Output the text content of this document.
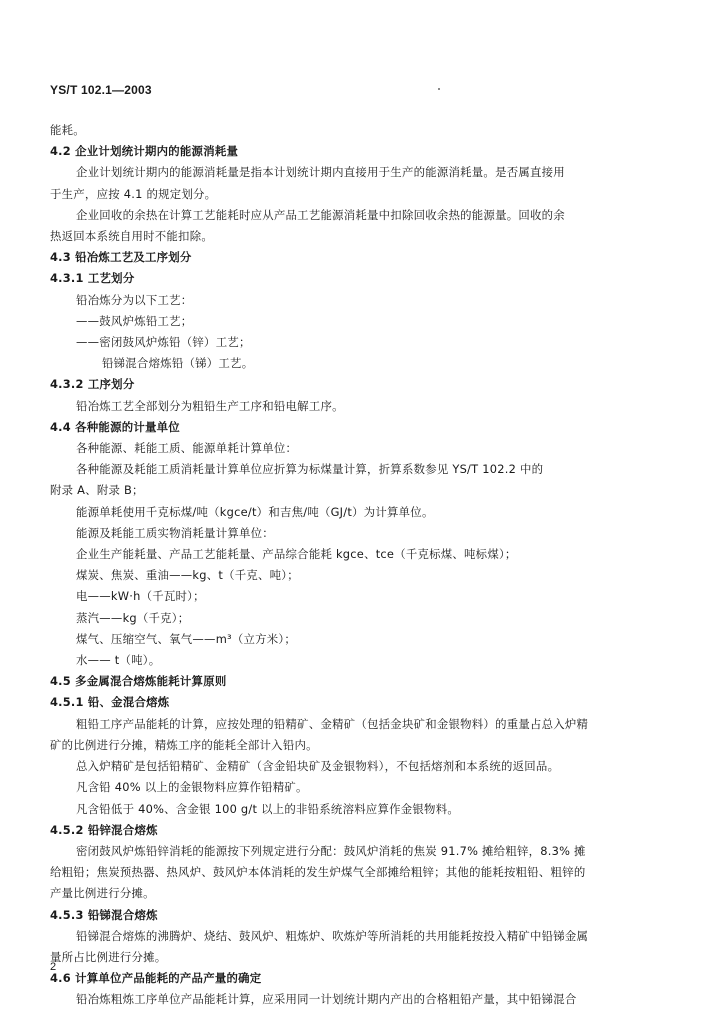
YS/T 102.1—2003
能耗。
4.2 企业计划统计期内的能源消耗量
企业计划统计期内的能源消耗量是指本计划统计期内直接用于生产的能源消耗量。是否属直接用
于生产，应按 4.1 的规定划分。
企业回收的余热在计算工艺能耗时应从产品工艺能源消耗量中扣除回收余热的能源量。回收的余
热返回本系统自用时不能扣除。
4.3 铅冶炼工艺及工序划分
4.3.1 工艺划分
铅冶炼分为以下工艺：
——鼓风炉炼铅工艺；
——密闭鼓风炉炼铅（锌）工艺；
铅锑混合熔炼铅（锑）工艺。
4.3.2 工序划分
铅冶炼工艺全部划分为粗铅生产工序和铅电解工序。
4.4 各种能源的计量单位
各种能源、耗能工质、能源单耗计算单位：
各种能源及耗能工质消耗量计算单位应折算为标煤量计算，折算系数参见 YS/T 102.2 中的
附录 A、附录 B；
能源单耗使用千克标煤/吨（kgce/t）和吉焦/吨（GJ/t）为计算单位。
能源及耗能工质实物消耗量计算单位：
企业生产能耗量、产品工艺能耗量、产品综合能耗 kgce、tce（千克标煤、吨标煤）；
煤炭、焦炭、重油——kg、t（千克、吨）；
电——kW·h（千瓦时）；
蒸汽——kg（千克）；
煤气、压缩空气、氧气——m³（立方米）；
水—— t（吨）。
4.5 多金属混合熔炼能耗计算原则
4.5.1 铅、金混合熔炼
粗铅工序产品能耗的计算，应按处理的铅精矿、金精矿（包括金块矿和金银物料）的重量占总入炉精
矿的比例进行分摊，精炼工序的能耗全部计入铅内。
总入炉精矿是包括铅精矿、金精矿（含金铅块矿及金银物料），不包括熔剂和本系统的返回品。
凡含铅 40% 以上的金银物料应算作铅精矿。
凡含铅低于 40%、含金银 100 g/t 以上的非铅系统溶料应算作金银物料。
4.5.2 铅锌混合熔炼
密闭鼓风炉炼铅锌消耗的能源按下列规定进行分配：鼓风炉消耗的焦炭 91.7% 摊给粗锌，8.3% 摊
给粗铅；焦炭预热器、热风炉、鼓风炉本体消耗的发生炉煤气全部摊给粗锌；其他的能耗按粗铅、粗锌的
产量比例进行分摊。
4.5.3 铅锑混合熔炼
铅锑混合熔炼的沸腾炉、烧结、鼓风炉、粗炼炉、吹炼炉等所消耗的共用能耗按投入精矿中铅锑金属
量所占比例进行分摊。
4.6 计算单位产品能耗的产品产量的确定
铅冶炼粗炼工序单位产品能耗计算，应采用同一计划统计期内产出的合格粗铅产量，其中铅锑混合
2
